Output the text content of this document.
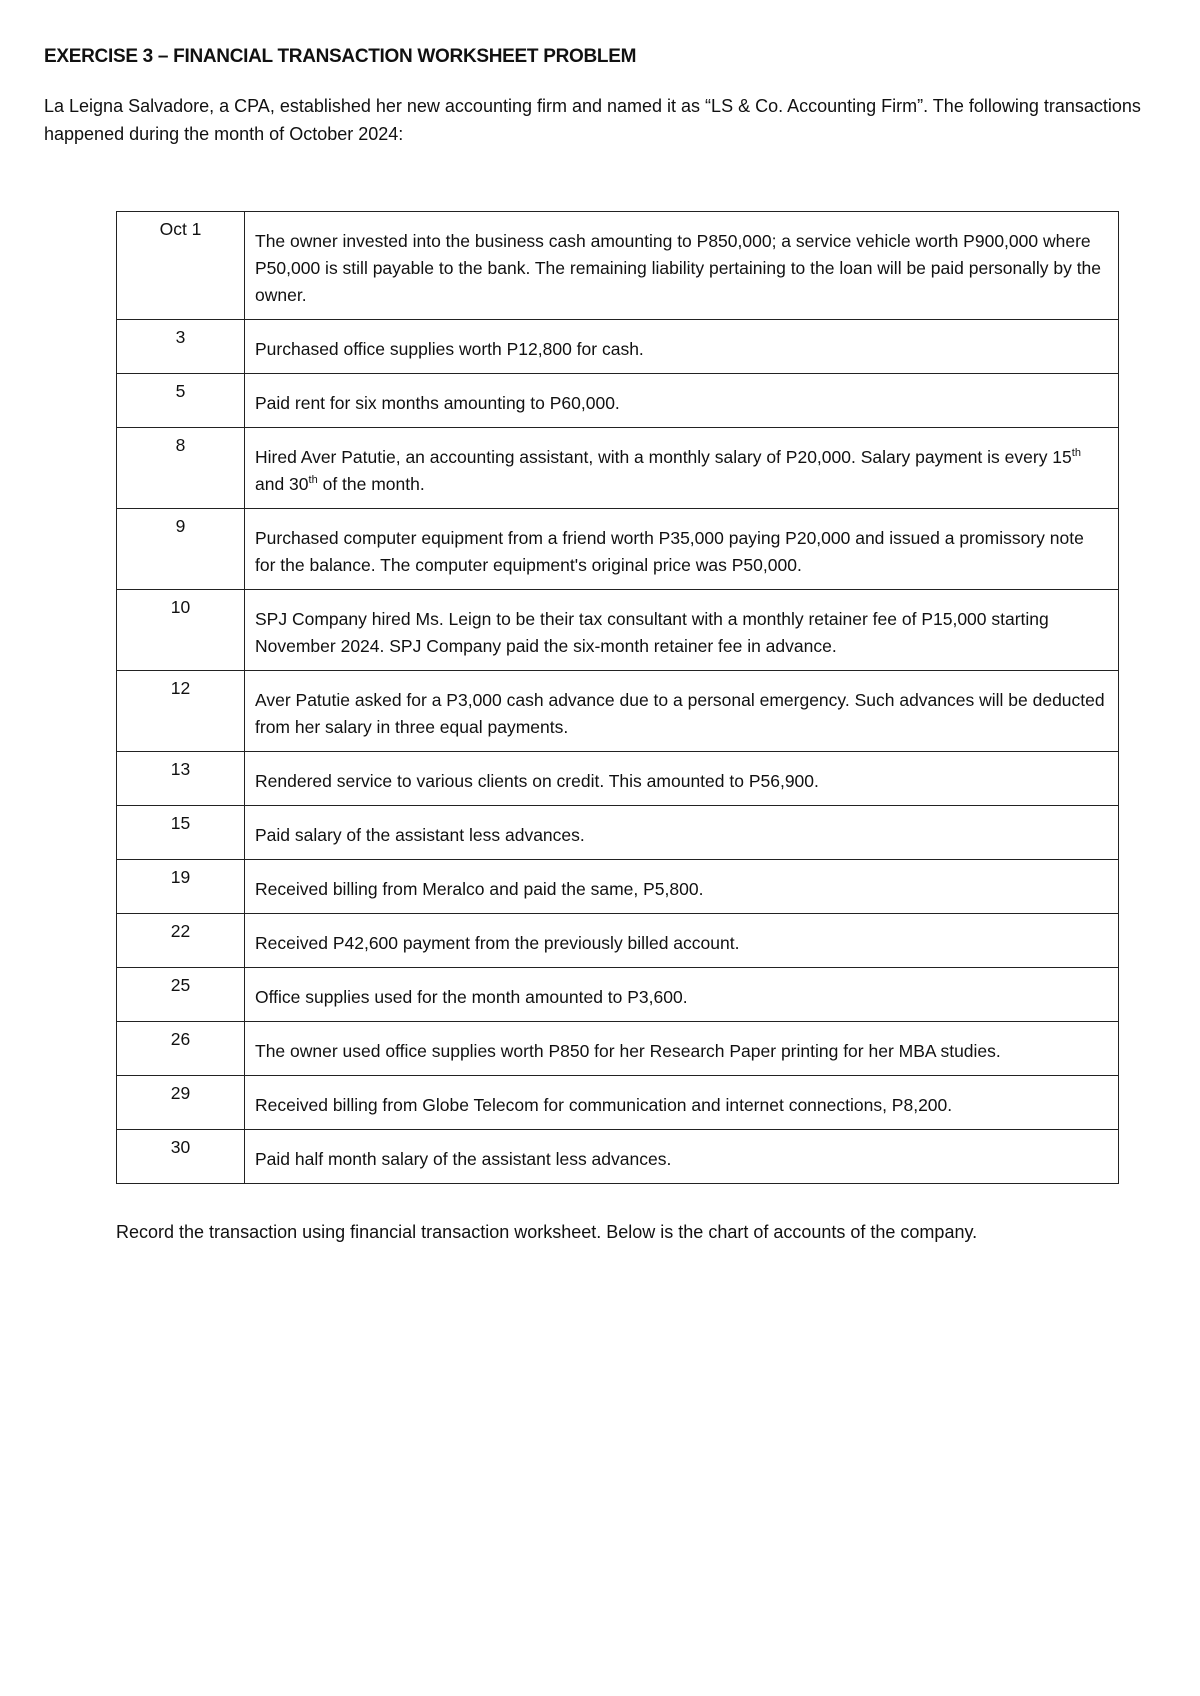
EXERCISE 3 – FINANCIAL TRANSACTION WORKSHEET PROBLEM
La Leigna Salvadore, a CPA, established her new accounting firm and named it as “LS & Co. Accounting Firm”. The following transactions happened during the month of October 2024:
Oct 1	The owner invested into the business cash amounting to P850,000; a service vehicle worth P900,000 where P50,000 is still payable to the bank. The remaining liability pertaining to the loan will be paid personally by the owner.
3	Purchased office supplies worth P12,800 for cash.
5	Paid rent for six months amounting to P60,000.
8	Hired Aver Patutie, an accounting assistant, with a monthly salary of P20,000. Salary payment is every 15th and 30th of the month.
9	Purchased computer equipment from a friend worth P35,000 paying P20,000 and issued a promissory note for the balance. The computer equipment's original price was P50,000.
10	SPJ Company hired Ms. Leign to be their tax consultant with a monthly retainer fee of P15,000 starting November 2024. SPJ Company paid the six-month retainer fee in advance.
12	Aver Patutie asked for a P3,000 cash advance due to a personal emergency. Such advances will be deducted from her salary in three equal payments.
13	Rendered service to various clients on credit. This amounted to P56,900.
15	Paid salary of the assistant less advances.
19	Received billing from Meralco and paid the same, P5,800.
22	Received P42,600 payment from the previously billed account.
25	Office supplies used for the month amounted to P3,600.
26	The owner used office supplies worth P850 for her Research Paper printing for her MBA studies.
29	Received billing from Globe Telecom for communication and internet connections, P8,200.
30	Paid half month salary of the assistant less advances.
Record the transaction using financial transaction worksheet. Below is the chart of accounts of the company.
